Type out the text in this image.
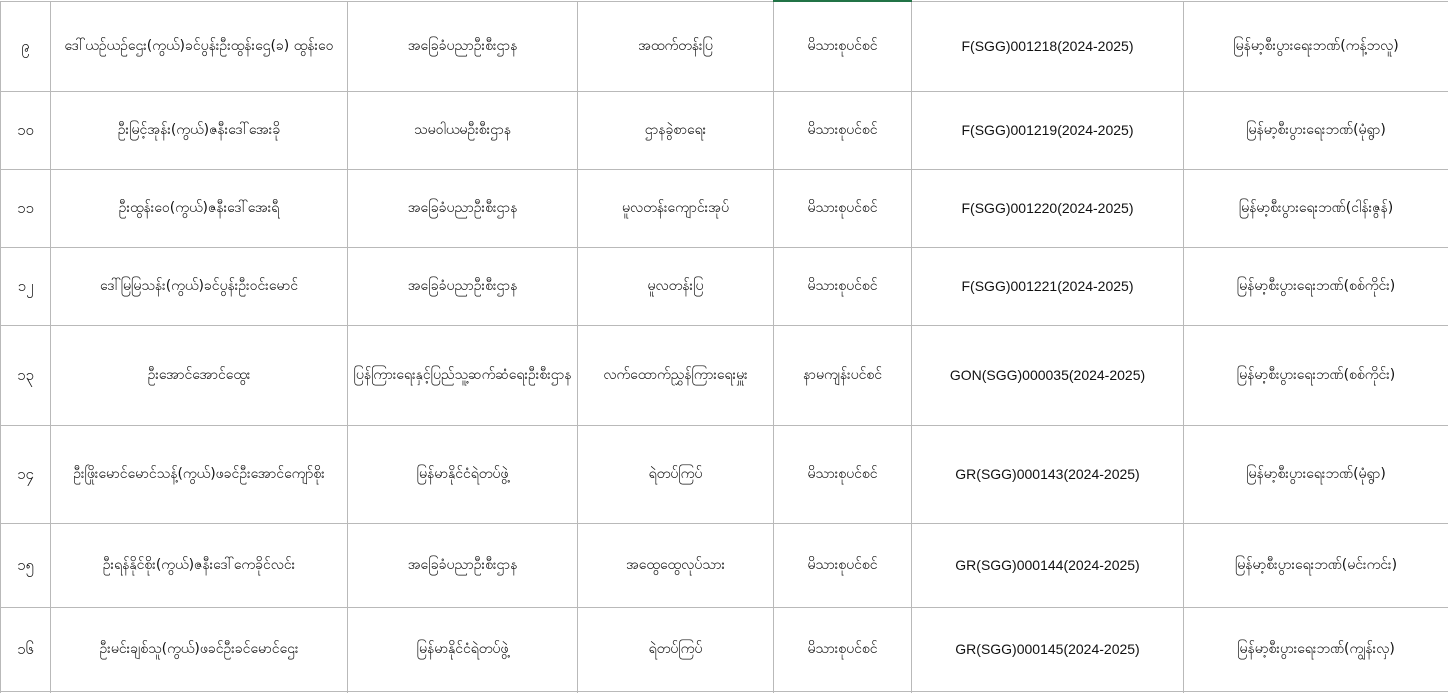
၉	ဒေါ်ယဉ်ယဉ်ဌေး(ကွယ်)ခင်ပွန်းဦးထွန်းဌေ(ခ) ထွန်းဝေ	အခြေခံပညာဦးစီးဌာန	အထက်တန်းပြ	မိသားစုပင်စင်	F(SGG)001218(2024-2025)	မြန်မာ့စီးပွားရေးဘဏ်(ကန့်ဘလူ)
၁၀	ဦးမြင့်အုန်း(ကွယ်)ဇနီးဒေါ်အေးခို	သမဝါယမဦးစီးဌာန	ဌာနခွဲစာရေး	မိသားစုပင်စင်	F(SGG)001219(2024-2025)	မြန်မာ့စီးပွားရေးဘဏ်(မုံရွာ)
၁၁	ဦးထွန်းဝေ(ကွယ်)ဇနီးဒေါ်အေးရီ	အခြေခံပညာဦးစီးဌာန	မူလတန်းကျောင်းအုပ်	မိသားစုပင်စင်	F(SGG)001220(2024-2025)	မြန်မာ့စီးပွားရေးဘဏ်(ငါန်းဇွန်)
၁၂	ဒေါ်မြမြသန်း(ကွယ်)ခင်ပွန်းဦးဝင်းမောင်	အခြေခံပညာဦးစီးဌာန	မူလတန်းပြ	မိသားစုပင်စင်	F(SGG)001221(2024-2025)	မြန်မာ့စီးပွားရေးဘဏ်(စစ်ကိုင်း)
၁၃	ဦးအောင်အောင်ထွေး	ပြန်ကြားရေးနှင့်ပြည်သူ့ဆက်ဆံရေးဦးစီးဌာန	လက်ထောက်ညွှန်ကြားရေးမှူး	နာမကျန်းပင်စင်	GON(SGG)000035(2024-2025)	မြန်မာ့စီးပွားရေးဘဏ်(စစ်ကိုင်း)
၁၄	ဦးဖြိုးမောင်မောင်သန့်(ကွယ်)ဖခင်ဦးအောင်ကျော်စိုး	မြန်မာနိုင်ငံရဲတပ်ဖွဲ့	ရဲတပ်ကြပ်	မိသားစုပင်စင်	GR(SGG)000143(2024-2025)	မြန်မာ့စီးပွားရေးဘဏ်(မုံရွာ)
၁၅	ဦးရန်နိုင်စိုး(ကွယ်)ဇနီးဒေါ်ကေခိုင်လင်း	အခြေခံပညာဦးစီးဌာန	အထွေထွေလုပ်သား	မိသားစုပင်စင်	GR(SGG)000144(2024-2025)	မြန်မာ့စီးပွားရေးဘဏ်(မင်းကင်း)
၁၆	ဦးမင်းချစ်သူ(ကွယ်)ဖခင်ဦးခင်မောင်ဌေး	မြန်မာနိုင်ငံရဲတပ်ဖွဲ့	ရဲတပ်ကြပ်	မိသားစုပင်စင်	GR(SGG)000145(2024-2025)	မြန်မာ့စီးပွားရေးဘဏ်(ကျွန်းလှ)
